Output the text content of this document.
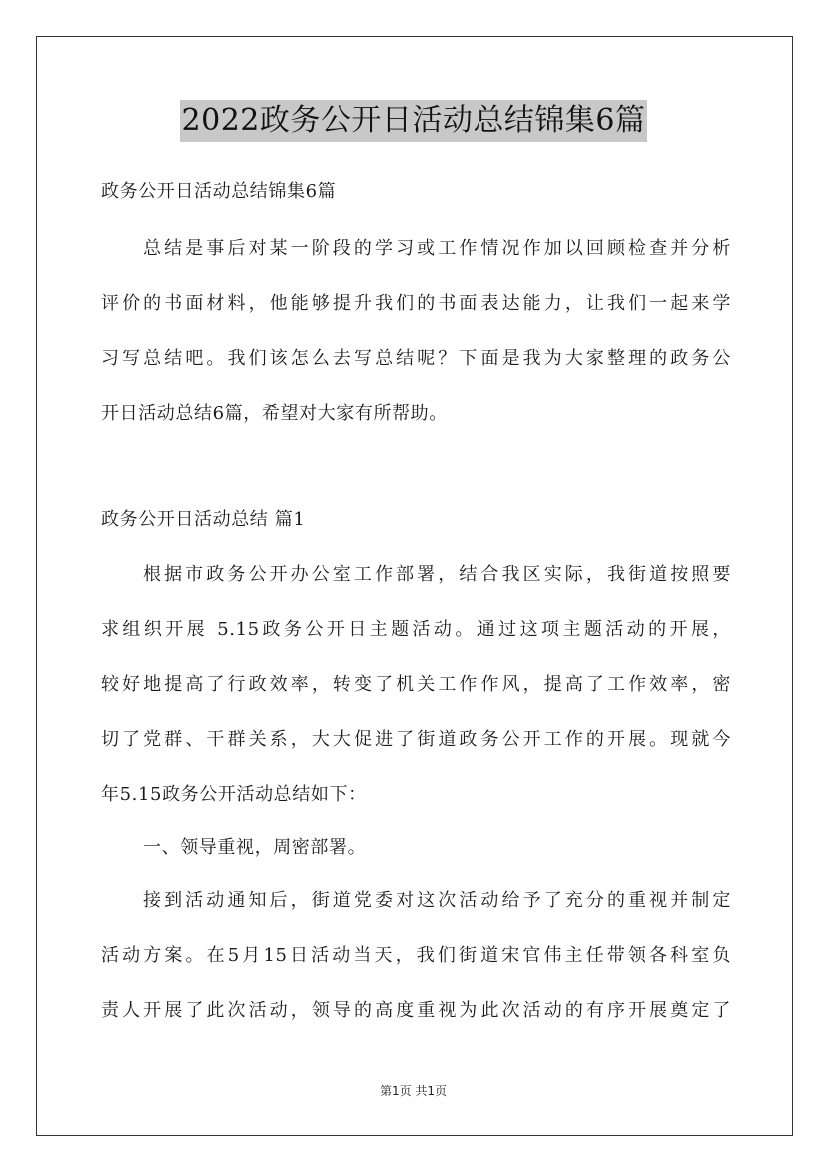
2022政务公开日活动总结锦集6篇
政务公开日活动总结锦集6篇
总结是事后对某一阶段的学习或工作情况作加以回顾检查并分析
评价的书面材料，他能够提升我们的书面表达能力，让我们一起来学
习写总结吧。我们该怎么去写总结呢？下面是我为大家整理的政务公
开日活动总结6篇，希望对大家有所帮助。
政务公开日活动总结 篇1
根据市政务公开办公室工作部署，结合我区实际，我街道按照要
求组织开展 5.15政务公开日主题活动。通过这项主题活动的开展，
较好地提高了行政效率，转变了机关工作作风，提高了工作效率，密
切了党群、干群关系，大大促进了街道政务公开工作的开展。现就今
年5.15政务公开活动总结如下：
一、领导重视，周密部署。
接到活动通知后，街道党委对这次活动给予了充分的重视并制定
活动方案。在5月15日活动当天，我们街道宋官伟主任带领各科室负
责人开展了此次活动，领导的高度重视为此次活动的有序开展奠定了
第1页 共1页
